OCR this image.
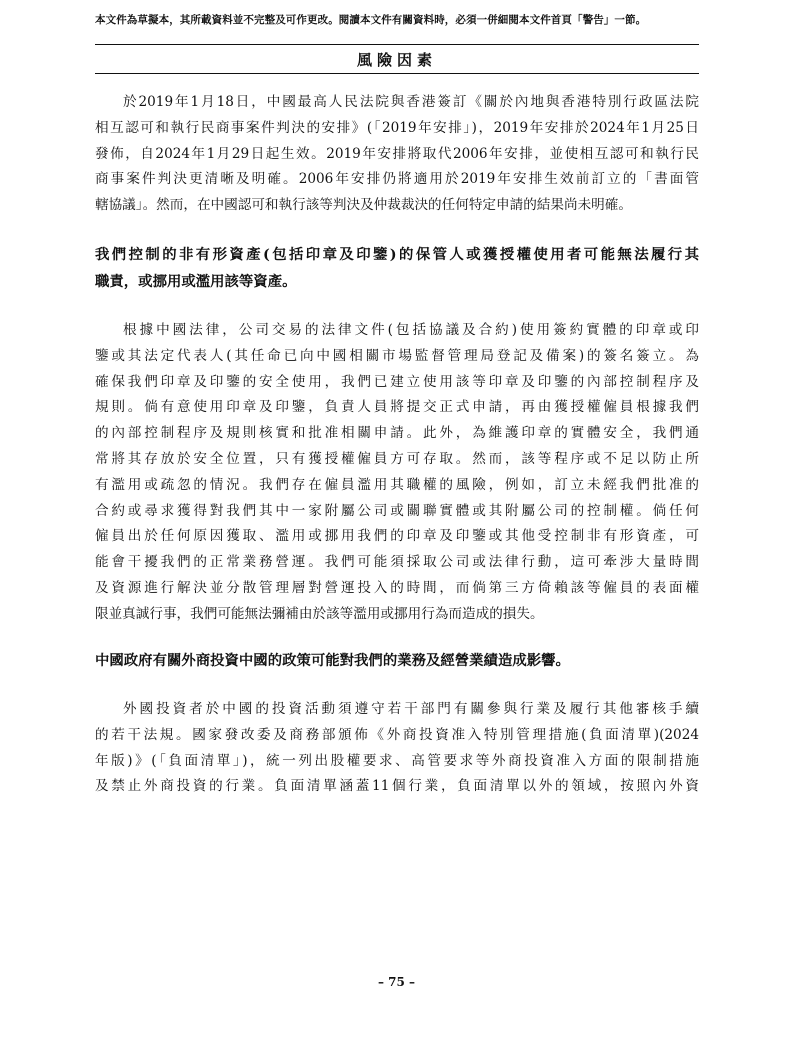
本文件為草擬本，其所載資料並不完整及可作更改。閱讀本文件有關資料時，必須一併細閱本文件首頁「警告」一節。
風險因素
於2019年1月18日，中國最高人民法院與香港簽訂《關於內地與香港特別行政區法院
相互認可和執行民商事案件判決的安排》(「2019年安排」)，2019年安排於2024年1月25日
發佈，自2024年1月29日起生效。2019年安排將取代2006年安排，並使相互認可和執行民
商事案件判決更清晰及明確。2006年安排仍將適用於2019年安排生效前訂立的「書面管
轄協議」。然而，在中國認可和執行該等判決及仲裁裁決的任何特定申請的結果尚未明確。
我們控制的非有形資產(包括印章及印鑒)的保管人或獲授權使用者可能無法履行其
職責，或挪用或濫用該等資產。
根據中國法律，公司交易的法律文件(包括協議及合約)使用簽約實體的印章或印
鑒或其法定代表人(其任命已向中國相關市場監督管理局登記及備案)的簽名簽立。為
確保我們印章及印鑒的安全使用，我們已建立使用該等印章及印鑒的內部控制程序及
規則。倘有意使用印章及印鑒，負責人員將提交正式申請，再由獲授權僱員根據我們
的內部控制程序及規則核實和批准相關申請。此外，為維護印章的實體安全，我們通
常將其存放於安全位置，只有獲授權僱員方可存取。然而，該等程序或不足以防止所
有濫用或疏忽的情況。我們存在僱員濫用其職權的風險，例如，訂立未經我們批准的
合約或尋求獲得對我們其中一家附屬公司或關聯實體或其附屬公司的控制權。倘任何
僱員出於任何原因獲取、濫用或挪用我們的印章及印鑒或其他受控制非有形資產，可
能會干擾我們的正常業務營運。我們可能須採取公司或法律行動，這可牽涉大量時間
及資源進行解決並分散管理層對營運投入的時間，而倘第三方倚賴該等僱員的表面權
限並真誠行事，我們可能無法彌補由於該等濫用或挪用行為而造成的損失。
中國政府有關外商投資中國的政策可能對我們的業務及經營業績造成影響。
外國投資者於中國的投資活動須遵守若干部門有關參與行業及履行其他審核手續
的若干法規。國家發改委及商務部頒佈《外商投資准入特別管理措施(負面清單)(2024
年版)》(「負面清單」)，統一列出股權要求、高管要求等外商投資准入方面的限制措施
及禁止外商投資的行業。負面清單涵蓋11個行業，負面清單以外的領域，按照內外資
– 75 –
